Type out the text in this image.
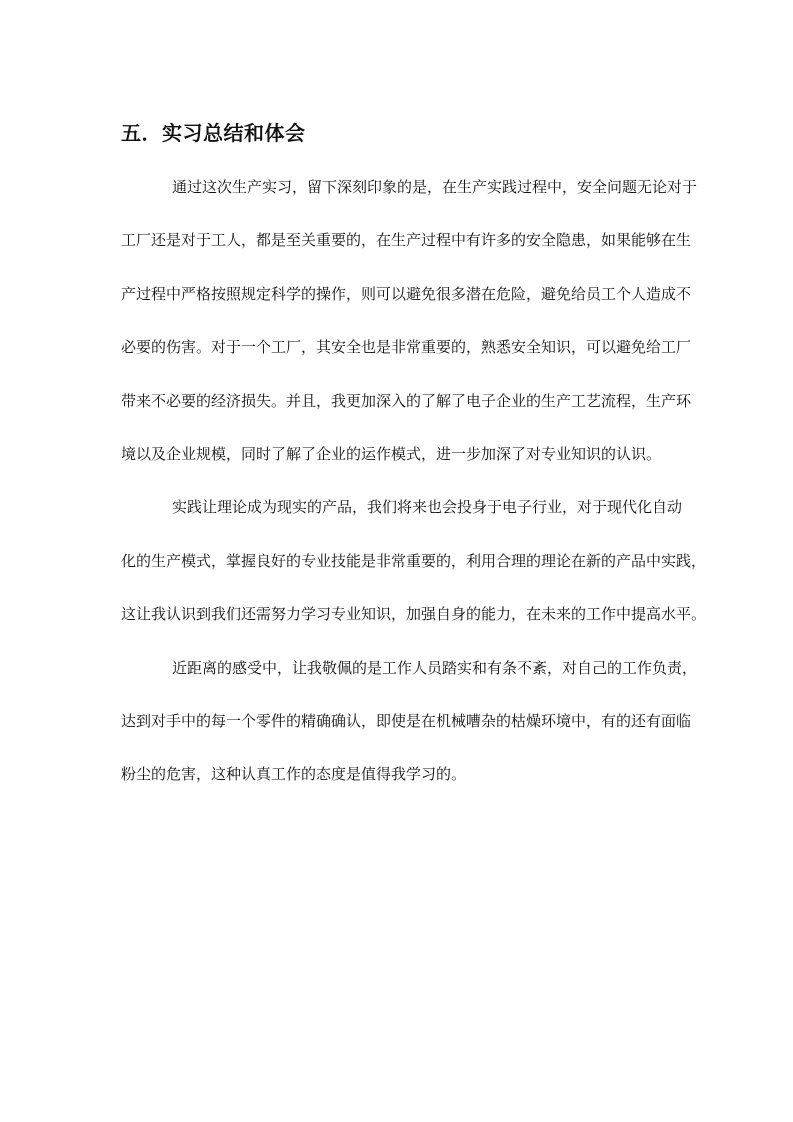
五．实习总结和体会
通过这次生产实习，留下深刻印象的是，在生产实践过程中，安全问题无论对于
工厂还是对于工人，都是至关重要的，在生产过程中有许多的安全隐患，如果能够在生
产过程中严格按照规定科学的操作，则可以避免很多潜在危险，避免给员工个人造成不
必要的伤害。对于一个工厂，其安全也是非常重要的，熟悉安全知识，可以避免给工厂
带来不必要的经济损失。并且，我更加深入的了解了电子企业的生产工艺流程，生产环
境以及企业规模，同时了解了企业的运作模式，进一步加深了对专业知识的认识。
实践让理论成为现实的产品，我们将来也会投身于电子行业，对于现代化自动
化的生产模式，掌握良好的专业技能是非常重要的，利用合理的理论在新的产品中实践，
这让我认识到我们还需努力学习专业知识，加强自身的能力，在未来的工作中提高水平。
近距离的感受中，让我敬佩的是工作人员踏实和有条不紊，对自己的工作负责，
达到对手中的每一个零件的精确确认，即使是在机械嘈杂的枯燥环境中，有的还有面临
粉尘的危害，这种认真工作的态度是值得我学习的。
